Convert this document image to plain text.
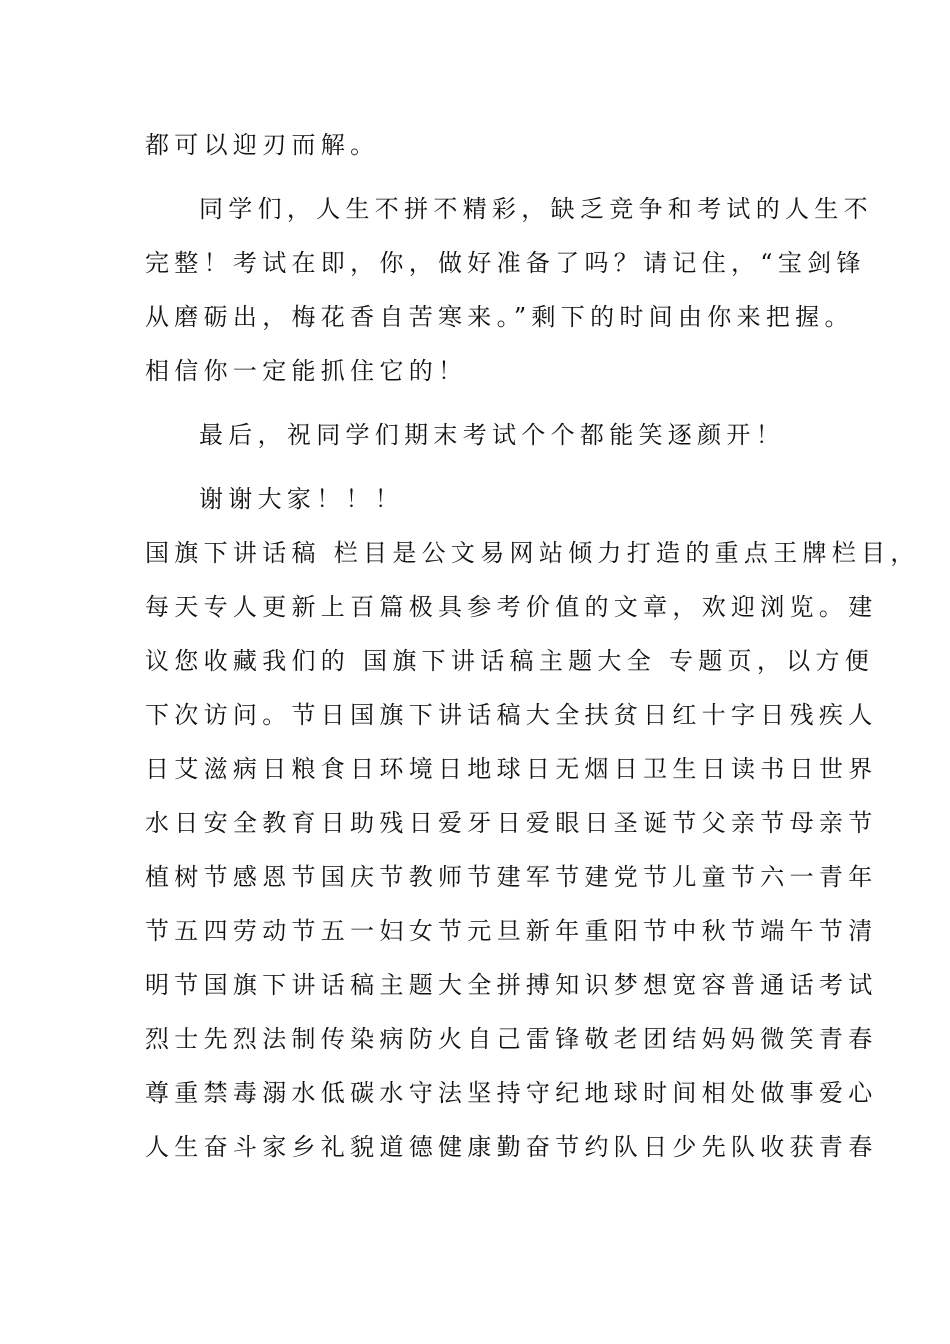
都可以迎刃而解。
同学们，人生不拼不精彩，缺乏竞争和考试的人生不
完整！考试在即，你，做好准备了吗？请记住，“宝剑锋
从磨砺出，梅花香自苦寒来。”剩下的时间由你来把握。
相信你一定能抓住它的！
最后，祝同学们期末考试个个都能笑逐颜开！
谢谢大家！！！
国旗下讲话稿 栏目是公文易网站倾力打造的重点王牌栏目，
每天专人更新上百篇极具参考价值的文章，欢迎浏览。建
议您收藏我们的 国旗下讲话稿主题大全 专题页，以方便
下次访问。节日国旗下讲话稿大全扶贫日红十字日残疾人
日艾滋病日粮食日环境日地球日无烟日卫生日读书日世界
水日安全教育日助残日爱牙日爱眼日圣诞节父亲节母亲节
植树节感恩节国庆节教师节建军节建党节儿童节六一青年
节五四劳动节五一妇女节元旦新年重阳节中秋节端午节清
明节国旗下讲话稿主题大全拼搏知识梦想宽容普通话考试
烈士先烈法制传染病防火自己雷锋敬老团结妈妈微笑青春
尊重禁毒溺水低碳水守法坚持守纪地球时间相处做事爱心
人生奋斗家乡礼貌道德健康勤奋节约队日少先队收获青春
